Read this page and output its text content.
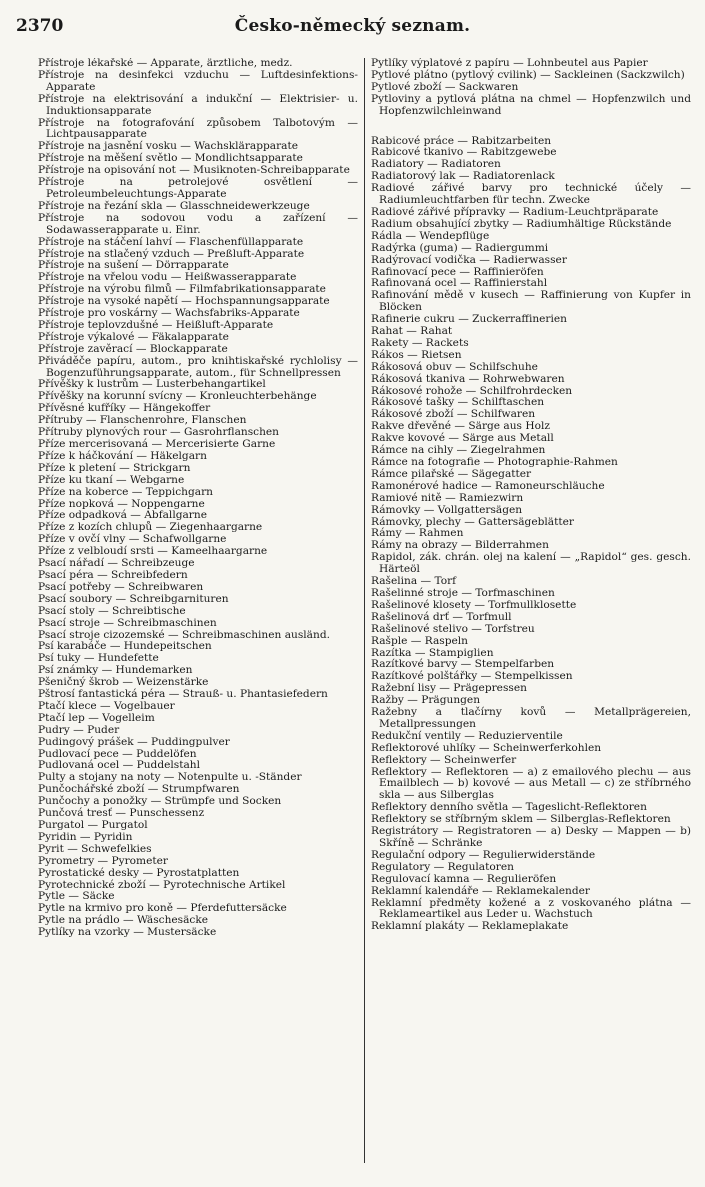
2370	Česko-německý seznam.
Přístroje lékařské — Apparate, ärztliche, medz.
Přístroje na desinfekci vzduchu — Luftdesinfektions-Apparate
Přístroje na elektrisování a indukční — Elektrisier- u. Induktionsapparate
Přístroje na fotografování způsobem Talbotovým — Lichtpausapparate
Přístroje na jasnění vosku — Wachsklärapparate
Přístroje na měšení světlo — Mondlichtsapparate
Přístroje na opisování not — Musiknoten-Schreibapparate
Přístroje na petrolejové osvětlení — Petroleumbeleuchtungs-Apparate
Přístroje na řezání skla — Glasschneidewerkzeuge
Přístroje na sodovou vodu a zařízení — Sodawasserapparate u. Einr.
Přístroje na stáčení lahví — Flaschenfüllapparate
Přístroje na stlačený vzduch — Preßluft-Apparate
Přístroje na sušení — Dörrapparate
Přístroje na vřelou vodu — Heißwasserapparate
Přístroje na výrobu filmů — Filmfabrikationsapparate
Přístroje na vysoké napětí — Hochspannungsapparate
Přístroje pro voskárny — Wachsfabriks-Apparate
Přístroje teplovzdušné — Heißluft-Apparate
Přístroje výkalové — Fäkalapparate
Přístroje zavěrací — Blockapparate
Přiváděče papíru, autom., pro knihtiskařské rychlolisy — Bogenzuführungsapparate, autom., für Schnellpressen
Přívěšky k lustrům — Lusterbehangartikel
Přívěšky na korunní svícny — Kronleuchterbehänge
Přívěsné kufříky — Hängekoffer
Přítruby — Flanschenrohre, Flanschen
Přítruby plynových rour — Gasrohrflanschen
Příze mercerisovaná — Mercerisierte Garne
Příze k háčkování — Häkelgarn
Příze k pletení — Strickgarn
Příze ku tkaní — Webgarne
Příze na koberce — Teppichgarn
Příze nopková — Noppengarne
Příze odpadková — Abfallgarne
Příze z kozích chlupů — Ziegenhaargarne
Příze v ovčí vlny — Schafwollgarne
Příze z velbloudí srsti — Kameelhaargarne
Psací nářadí — Schreibzeuge
Psací péra — Schreibfedern
Psací potřeby — Schreibwaren
Psací soubory — Schreibgarnituren
Psací stoly — Schreibtische
Psací stroje — Schreibmaschinen
Psací stroje cizozemské — Schreibmaschinen ausländ.
Psí karabáče — Hundepeitschen
Psí tuky — Hundefette
Psí známky — Hundemarken
Pšeničný škrob — Weizenstärke
Pštrosí fantastická péra — Strauß- u. Phantasiefedern
Ptačí klece — Vogelbauer
Ptačí lep — Vogelleim
Pudry — Puder
Pudingový prášek — Puddingpulver
Pudlovací pece — Puddelöfen
Pudlovaná ocel — Puddelstahl
Pulty a stojany na noty — Notenpulte u. -Ständer
Punčochářské zboží — Strumpfwaren
Punčochy a ponožky — Strümpfe und Socken
Punčová tresť — Punschessenz
Purgatol — Purgatol
Pyridin — Pyridin
Pyrit — Schwefelkies
Pyrometry — Pyrometer
Pyrostatické desky — Pyrostatplatten
Pyrotechnické zboží — Pyrotechnische Artikel
Pytle — Säcke
Pytle na krmivo pro koně — Pferdefuttersäcke
Pytle na prádlo — Wäschesäcke
Pytlíky na vzorky — Mustersäcke
Pytlíky výplatové z papíru — Lohnbeutel aus Papier
Pytlové plátno (pytlový cvilink) — Sackleinen (Sackzwilch)
Pytlové zboží — Sackwaren
Pytloviny a pytlová plátna na chmel — Hopfenzwilch und Hopfenzwilchleinwand
Rabicové práce — Rabitzarbeiten
Rabicové tkanivo — Rabitzgewebe
Radiatory — Radiatoren
Radiatorový lak — Radiatorenlack
Radiové zářivé barvy pro technické účely — Radiumleuchtfarben für techn. Zwecke
Radiové zářivé přípravky — Radium-Leuchtpräparate
Radium obsahující zbytky — Radiumhältige Rückstände
Rádla — Wendepflüge
Radýrka (guma) — Radiergummi
Radýrovací vodička — Radierwasser
Rafinovací pece — Raffinieröfen
Rafinovaná ocel — Raffinierstahl
Rafinování mědě v kusech — Raffinierung von Kupfer in Blöcken
Rafinerie cukru — Zuckerraffinerien
Rahat — Rahat
Rakety — Rackets
Rákos — Rietsen
Rákosová obuv — Schilfschuhe
Rákosová tkaniva — Rohrwebwaren
Rákosové rohože — Schilfrohrdecken
Rákosové tašky — Schilftaschen
Rákosové zboží — Schilfwaren
Rakve dřevěné — Särge aus Holz
Rakve kovové — Särge aus Metall
Rámce na cihly — Ziegelrahmen
Rámce na fotografie — Photographie-Rahmen
Rámce pilařské — Sägegatter
Ramonérové hadice — Ramoneurschläuche
Ramiové nitě — Ramiezwirn
Rámovky — Vollgattersägen
Rámovky, plechy — Gattersägeblätter
Rámy — Rahmen
Rámy na obrazy — Bilderrahmen
Rapidol, zák. chrán. olej na kalení — „Rapidol“ ges. gesch. Härteöl
Rašelina — Torf
Rašelinné stroje — Torfmaschinen
Rašelinové klosety — Torfmullklosette
Rašelinová drť — Torfmull
Rašelinové stelivo — Torfstreu
Rašple — Raspeln
Razítka — Stampiglien
Razítkové barvy — Stempelfarben
Razítkové polštářky — Stempelkissen
Ražební lisy — Prägepressen
Ražby — Prägungen
Ražebny a tlačírny kovů — Metallprägereien, Metallpressungen
Redukční ventily — Reduzierventile
Reflektorové uhlíky — Scheinwerferkohlen
Reflektory — Scheinwerfer
Reflektory — Reflektoren — a) z emailového plechu — aus Emailblech — b) kovové — aus Metall — c) ze stříbrného skla — aus Silberglas
Reflektory denního světla — Tageslicht-Reflektoren
Reflektory se stříbrným sklem — Silberglas-Reflektoren
Registrátory — Registratoren — a) Desky — Mappen — b) Skříně — Schränke
Regulační odpory — Regulierwiderstände
Regulatory — Regulatoren
Regulovací kamna — Regulieröfen
Reklamní kalendáře — Reklamekalender
Reklamní předměty kožené a z voskovaného plátna — Reklameartikel aus Leder u. Wachstuch
Reklamní plakáty — Reklameplakate
